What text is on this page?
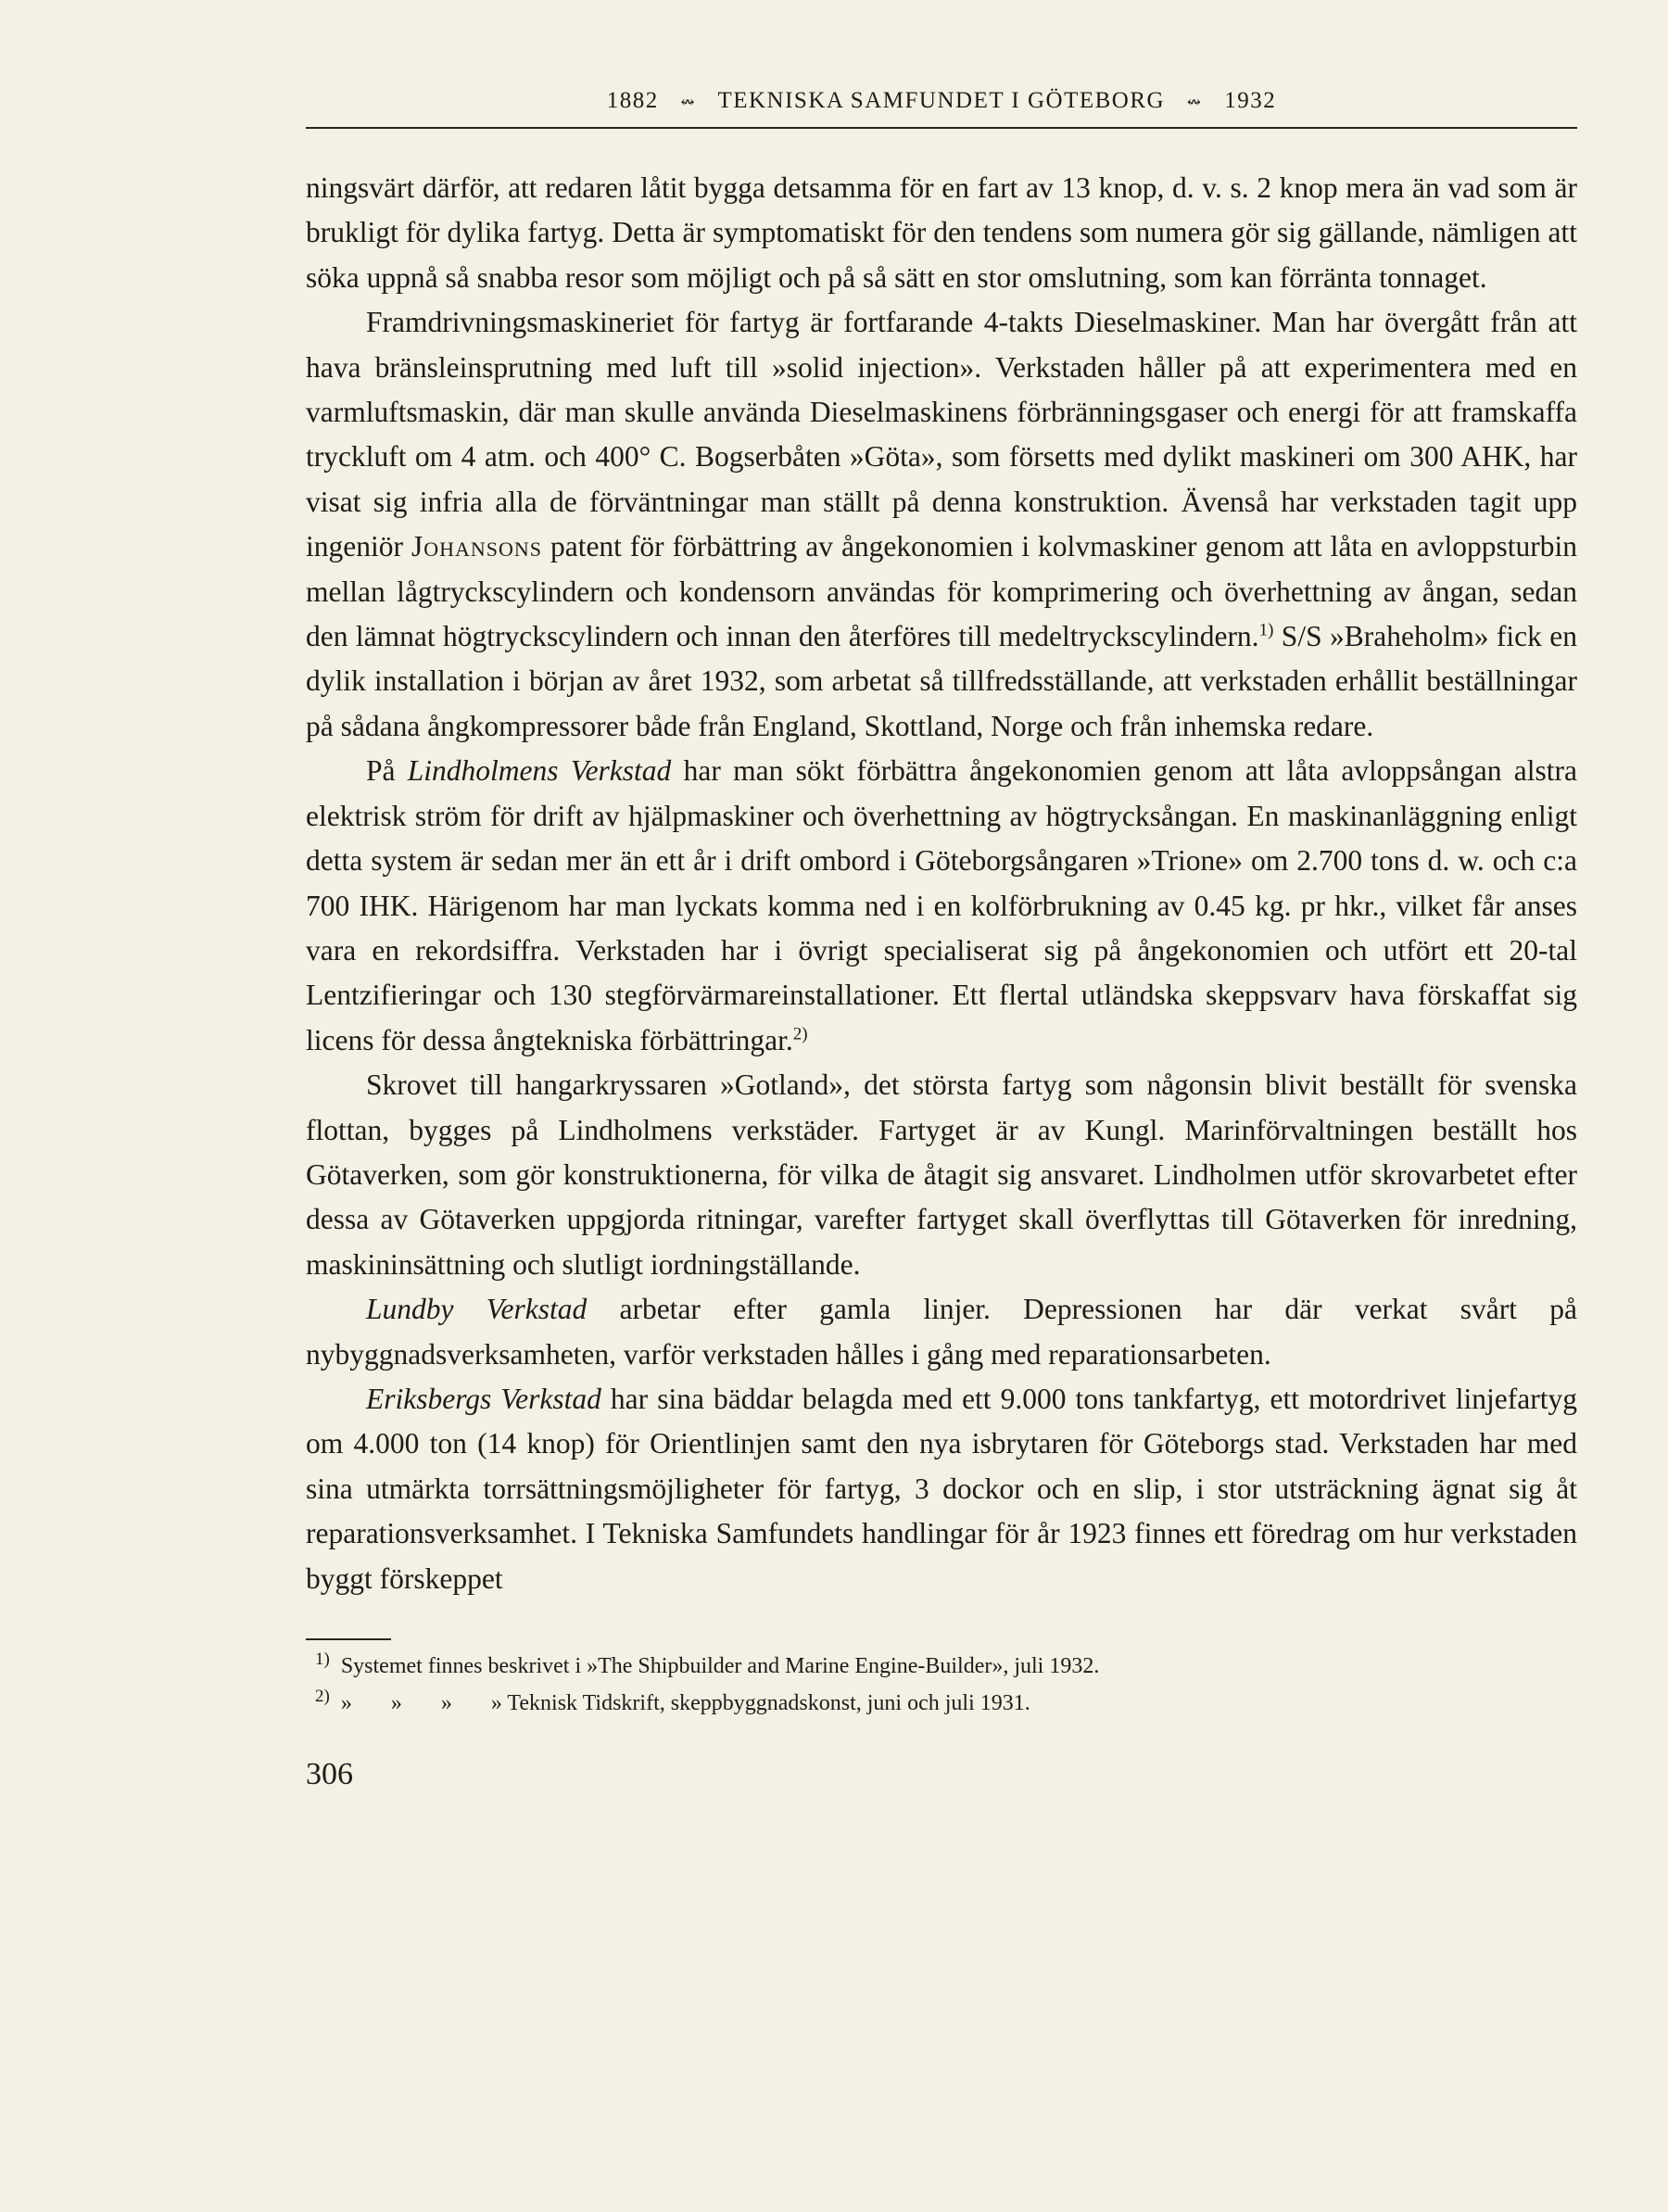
1882 ↭ TEKNISKA SAMFUNDET I GÖTEBORG ↭ 1932

ningsvärt därför, att redaren låtit bygga detsamma för en fart av 13 knop, d. v. s. 2 knop mera än vad som är brukligt för dylika fartyg. Detta är symptomatiskt för den tendens som numera gör sig gällande, nämligen att söka uppnå så snabba resor som möjligt och på så sätt en stor omslutning, som kan förränta tonnaget.

Framdrivningsmaskineriet för fartyg är fortfarande 4-takts Dieselmaskiner. Man har övergått från att hava bränsleinsprutning med luft till »solid injection». Verkstaden håller på att experimentera med en varmluftsmaskin, där man skulle använda Dieselmaskinens förbränningsgaser och energi för att framskaffa tryckluft om 4 atm. och 400° C. Bogserbåten »Göta», som försetts med dylikt maskineri om 300 AHK, har visat sig infria alla de förväntningar man ställt på denna konstruktion. Ävenså har verkstaden tagit upp ingeniör Johansons patent för förbättring av ångekonomien i kolvmaskiner genom att låta en avloppsturbin mellan lågtryckscylindern och kondensorn användas för komprimering och överhettning av ångan, sedan den lämnat högtryckscylindern och innan den återföres till medeltryckscylindern.$^{1)}$ S/S »Braheholm» fick en dylik installation i början av året 1932, som arbetat så tillfredsställande, att verkstaden erhållit beställningar på sådana ångkompressorer både från England, Skottland, Norge och från inhemska redare.

På Lindholmens Verkstad har man sökt förbättra ångekonomien genom att låta avloppsångan alstra elektrisk ström för drift av hjälpmaskiner och överhettning av högtrycksångan. En maskinanläggning enligt detta system är sedan mer än ett år i drift ombord i Göteborgsångaren »Trione» om 2.700 tons d. w. och c:a 700 IHK. Härigenom har man lyckats komma ned i en kolförbrukning av 0.45 kg. pr hkr., vilket får anses vara en rekordsiffra. Verkstaden har i övrigt specialiserat sig på ångekonomien och utfört ett 20-tal Lentzifieringar och 130 stegförvärmareinstallationer. Ett flertal utländska skeppsvarv hava förskaffat sig licens för dessa ångtekniska förbättringar.$^{2)}$

Skrovet till hangarkryssaren »Gotland», det största fartyg som någonsin blivit beställt för svenska flottan, bygges på Lindholmens verkstäder. Fartyget är av Kungl. Marinförvaltningen beställt hos Götaverken, som gör konstruktionerna, för vilka de åtagit sig ansvaret. Lindholmen utför skrovarbetet efter dessa av Götaverken uppgjorda ritningar, varefter fartyget skall överflyttas till Götaverken för inredning, maskininsättning och slutligt iordningställande.

Lundby Verkstad arbetar efter gamla linjer. Depressionen har där verkat svårt på nybyggnadsverksamheten, varför verkstaden hålles i gång med reparationsarbeten.

Eriksbergs Verkstad har sina bäddar belagda med ett 9.000 tons tankfartyg, ett motordrivet linjefartyg om 4.000 ton (14 knop) för Orientlinjen samt den nya isbrytaren för Göteborgs stad. Verkstaden har med sina utmärkta torrsättningsmöjligheter för fartyg, 3 dockor och en slip, i stor utsträckning ägnat sig åt reparationsverksamhet. I Tekniska Samfundets handlingar för år 1923 finnes ett föredrag om hur verkstaden byggt förskeppet

$^{1)}$ Systemet finnes beskrivet i »The Shipbuilder and Marine Engine-Builder», juli 1932.
$^{2)}$ »       »       »       » Teknisk Tidskrift, skeppbyggnadskonst, juni och juli 1931.
306
